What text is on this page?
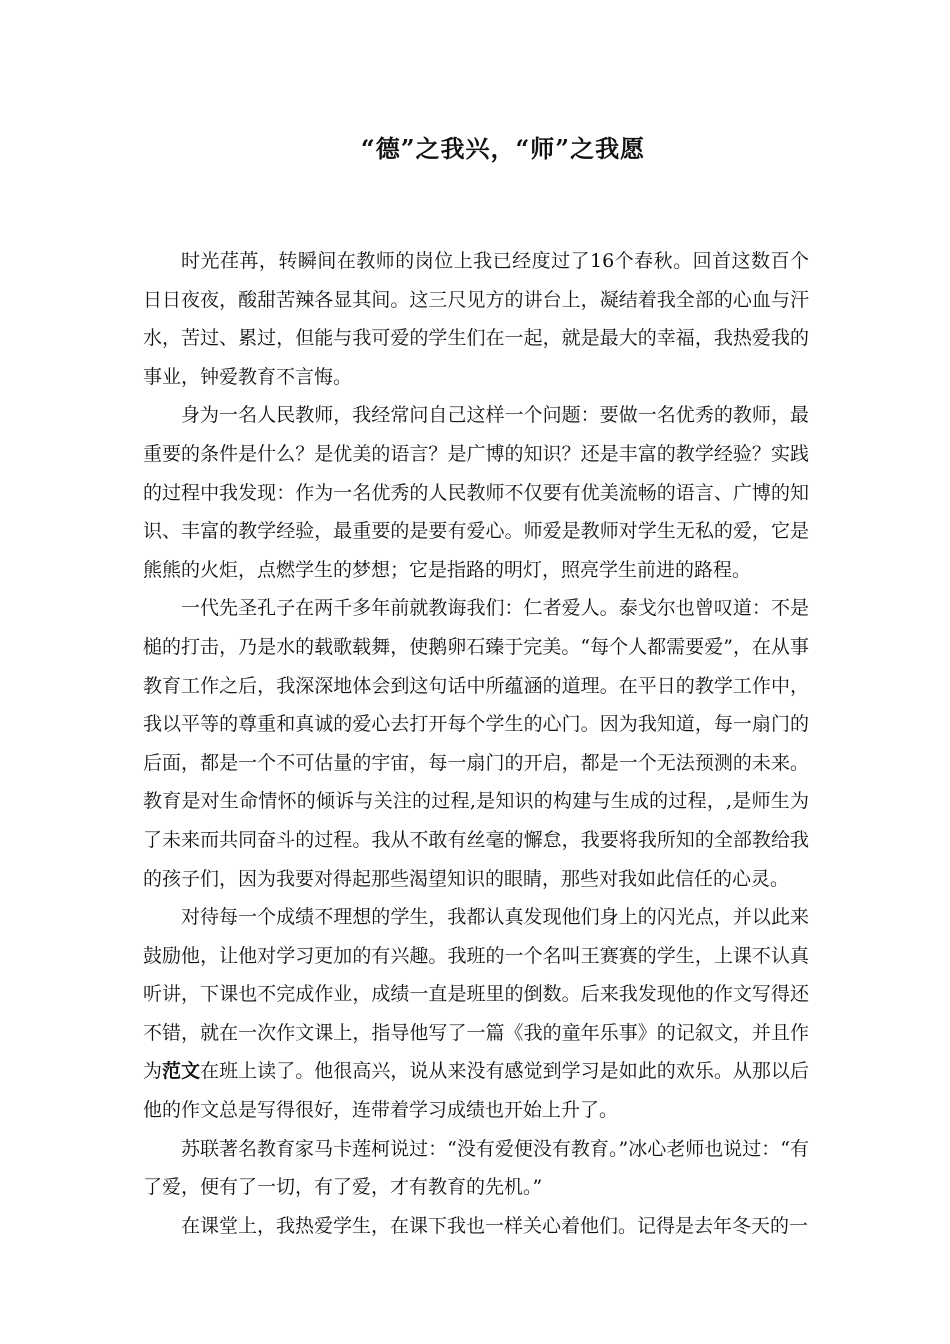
“德”之我兴，“师”之我愿

时光荏苒，转瞬间在教师的岗位上我已经度过了16个春秋。回首这数百个日日夜夜，酸甜苦辣各显其间。这三尺见方的讲台上，凝结着我全部的心血与汗水，苦过、累过，但能与我可爱的学生们在一起，就是最大的幸福，我热爱我的事业，钟爱教育不言悔。

身为一名人民教师，我经常问自己这样一个问题：要做一名优秀的教师，最重要的条件是什么？是优美的语言？是广博的知识？还是丰富的教学经验？实践的过程中我发现：作为一名优秀的人民教师不仅要有优美流畅的语言、广博的知识、丰富的教学经验，最重要的是要有爱心。师爱是教师对学生无私的爱，它是熊熊的火炬，点燃学生的梦想；它是指路的明灯，照亮学生前进的路程。

一代先圣孔子在两千多年前就教诲我们：仁者爱人。泰戈尔也曾叹道：不是槌的打击，乃是水的载歌载舞，使鹅卵石臻于完美。“每个人都需要爱”，在从事教育工作之后，我深深地体会到这句话中所蕴涵的道理。在平日的教学工作中，我以平等的尊重和真诚的爱心去打开每个学生的心门。因为我知道，每一扇门的后面，都是一个不可估量的宇宙，每一扇门的开启，都是一个无法预测的未来。教育是对生命情怀的倾诉与关注的过程,是知识的构建与生成的过程，,是师生为了未来而共同奋斗的过程。我从不敢有丝毫的懈怠，我要将我所知的全部教给我的孩子们，因为我要对得起那些渴望知识的眼睛，那些对我如此信任的心灵。

对待每一个成绩不理想的学生，我都认真发现他们身上的闪光点，并以此来鼓励他，让他对学习更加的有兴趣。我班的一个名叫王赛赛的学生，上课不认真听讲，下课也不完成作业，成绩一直是班里的倒数。后来我发现他的作文写得还不错，就在一次作文课上，指导他写了一篇《我的童年乐事》的记叙文，并且作为范文在班上读了。他很高兴，说从来没有感觉到学习是如此的欢乐。从那以后他的作文总是写得很好，连带着学习成绩也开始上升了。

苏联著名教育家马卡莲柯说过：“没有爱便没有教育。”冰心老师也说过：“有了爱，便有了一切，有了爱，才有教育的先机。”

在课堂上，我热爱学生，在课下我也一样关心着他们。记得是去年冬天的一
